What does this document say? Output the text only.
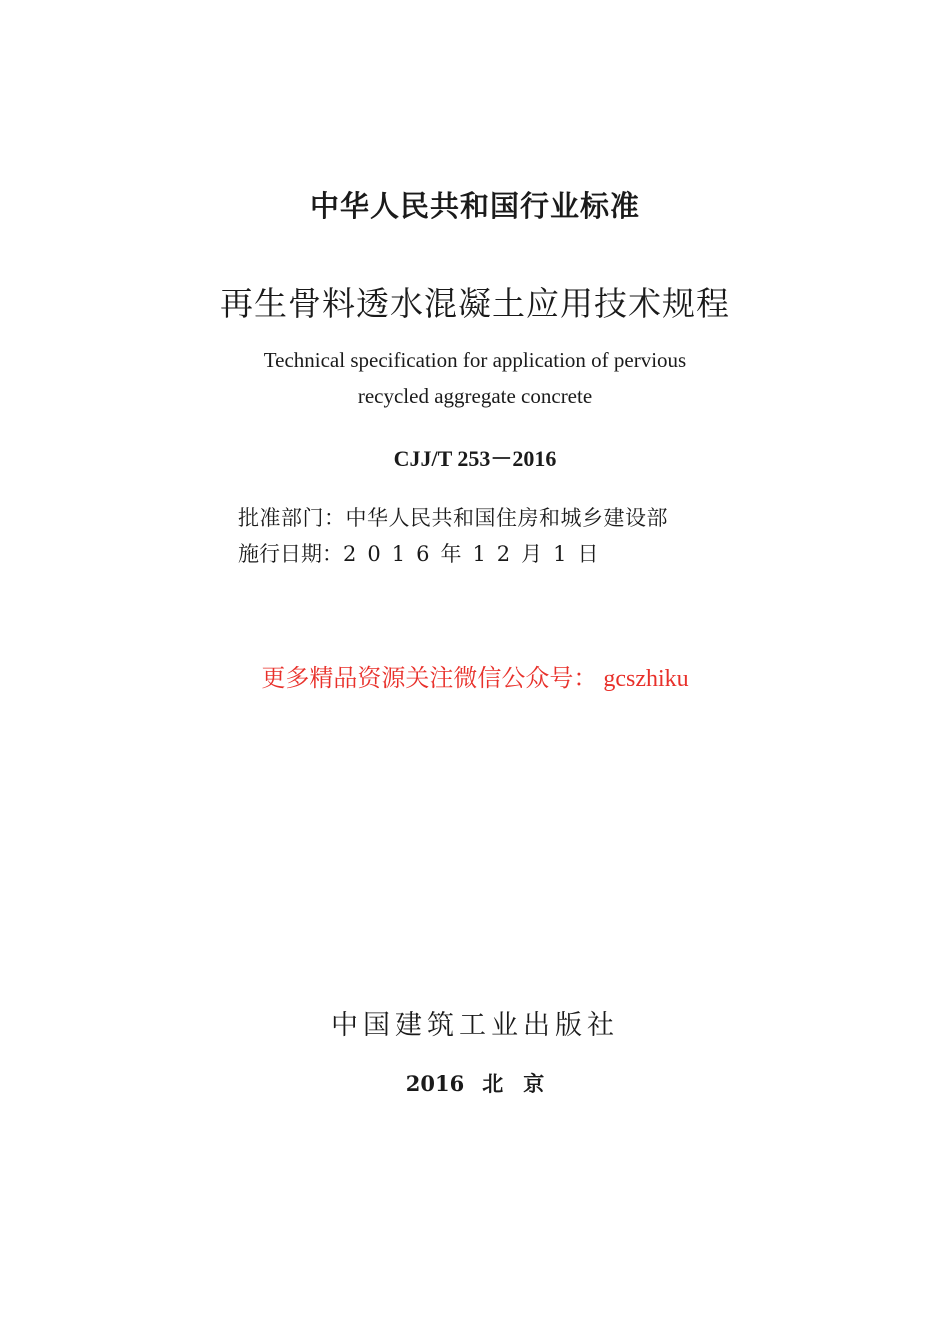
中华人民共和国行业标准
再生骨料透水混凝土应用技术规程
Technical specification for application of pervious
recycled aggregate concrete
CJJ/T 253－2016
批准部门：中华人民共和国住房和城乡建设部
施行日期：2016年12月1日
更多精品资源关注微信公众号： gcszhiku
中国建筑工业出版社
2016 北 京
